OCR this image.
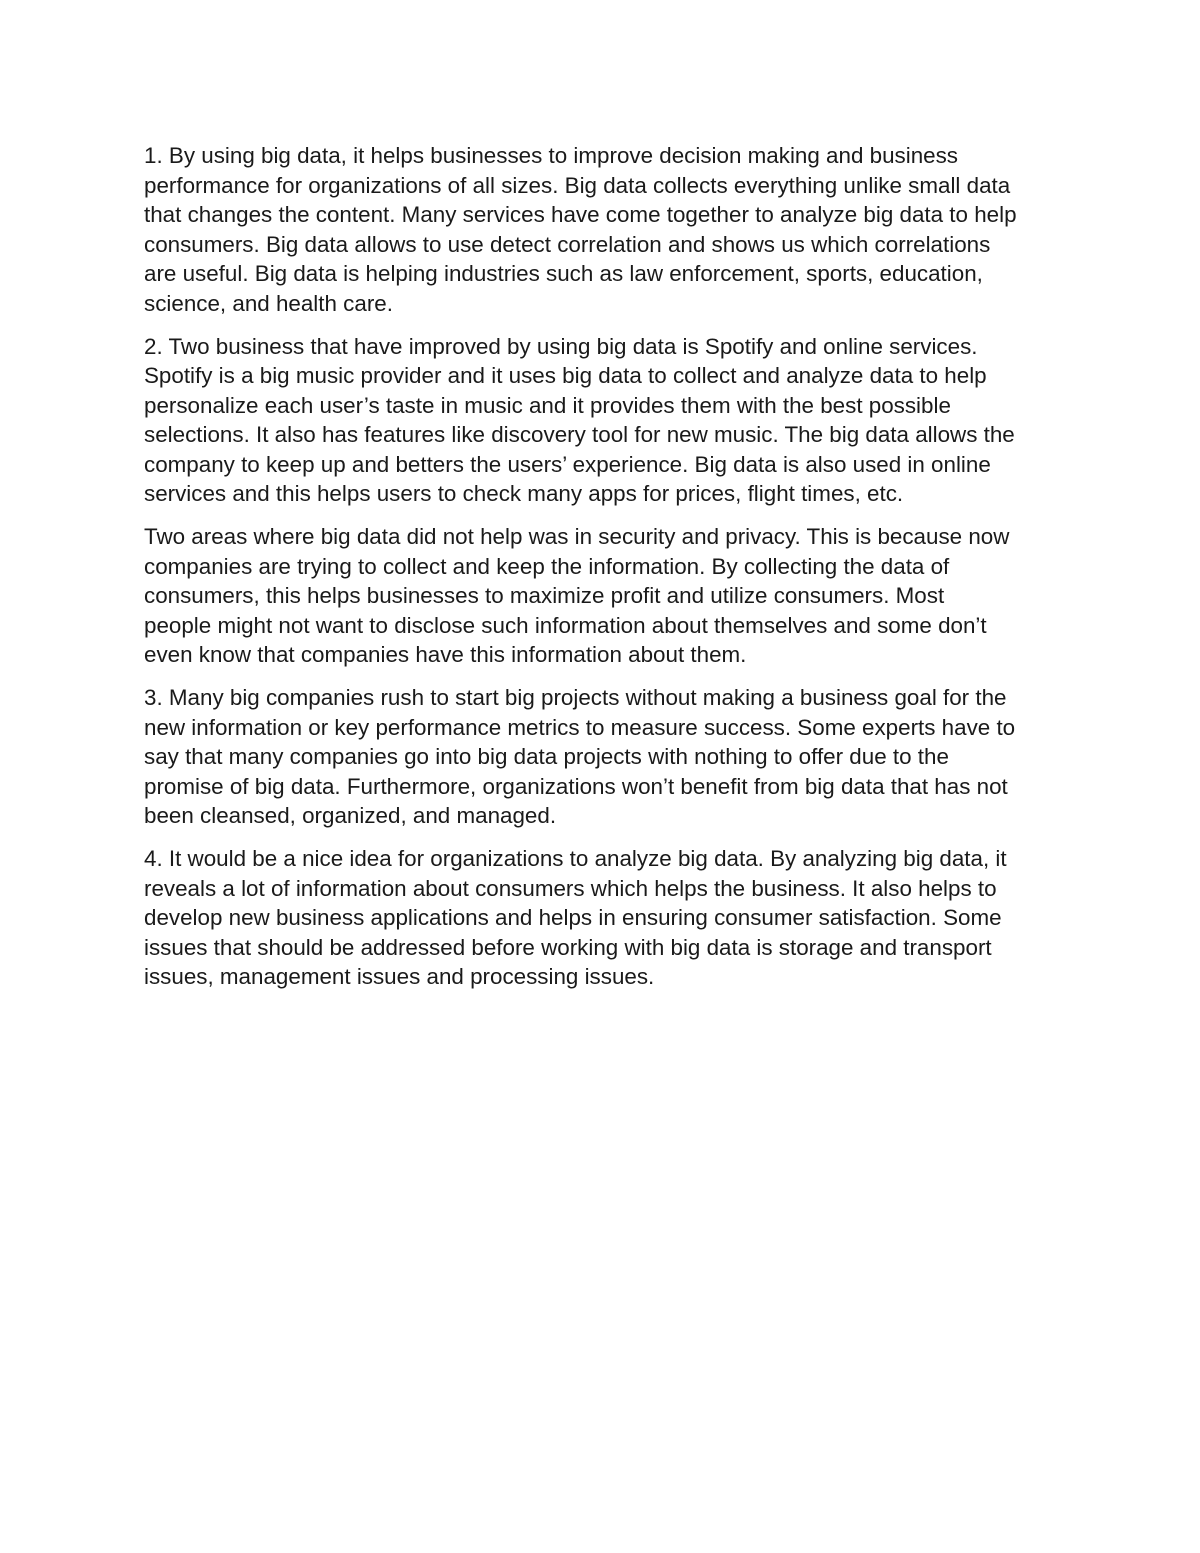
1. By using big data, it helps businesses to improve decision making and business
performance for organizations of all sizes. Big data collects everything unlike small data
that changes the content. Many services have come together to analyze big data to help
consumers. Big data allows to use detect correlation and shows us which correlations
are useful. Big data is helping industries such as law enforcement, sports, education,
science, and health care.
2. Two business that have improved by using big data is Spotify and online services.
Spotify is a big music provider and it uses big data to collect and analyze data to help
personalize each user’s taste in music and it provides them with the best possible
selections. It also has features like discovery tool for new music. The big data allows the
company to keep up and betters the users’ experience. Big data is also used in online
services and this helps users to check many apps for prices, flight times, etc.
Two areas where big data did not help was in security and privacy. This is because now
companies are trying to collect and keep the information. By collecting the data of
consumers, this helps businesses to maximize profit and utilize consumers. Most
people might not want to disclose such information about themselves and some don’t
even know that companies have this information about them.
3. Many big companies rush to start big projects without making a business goal for the
new information or key performance metrics to measure success. Some experts have to
say that many companies go into big data projects with nothing to offer due to the
promise of big data. Furthermore, organizations won’t benefit from big data that has not
been cleansed, organized, and managed.
4. It would be a nice idea for organizations to analyze big data. By analyzing big data, it
reveals a lot of information about consumers which helps the business. It also helps to
develop new business applications and helps in ensuring consumer satisfaction. Some
issues that should be addressed before working with big data is storage and transport
issues, management issues and processing issues.
